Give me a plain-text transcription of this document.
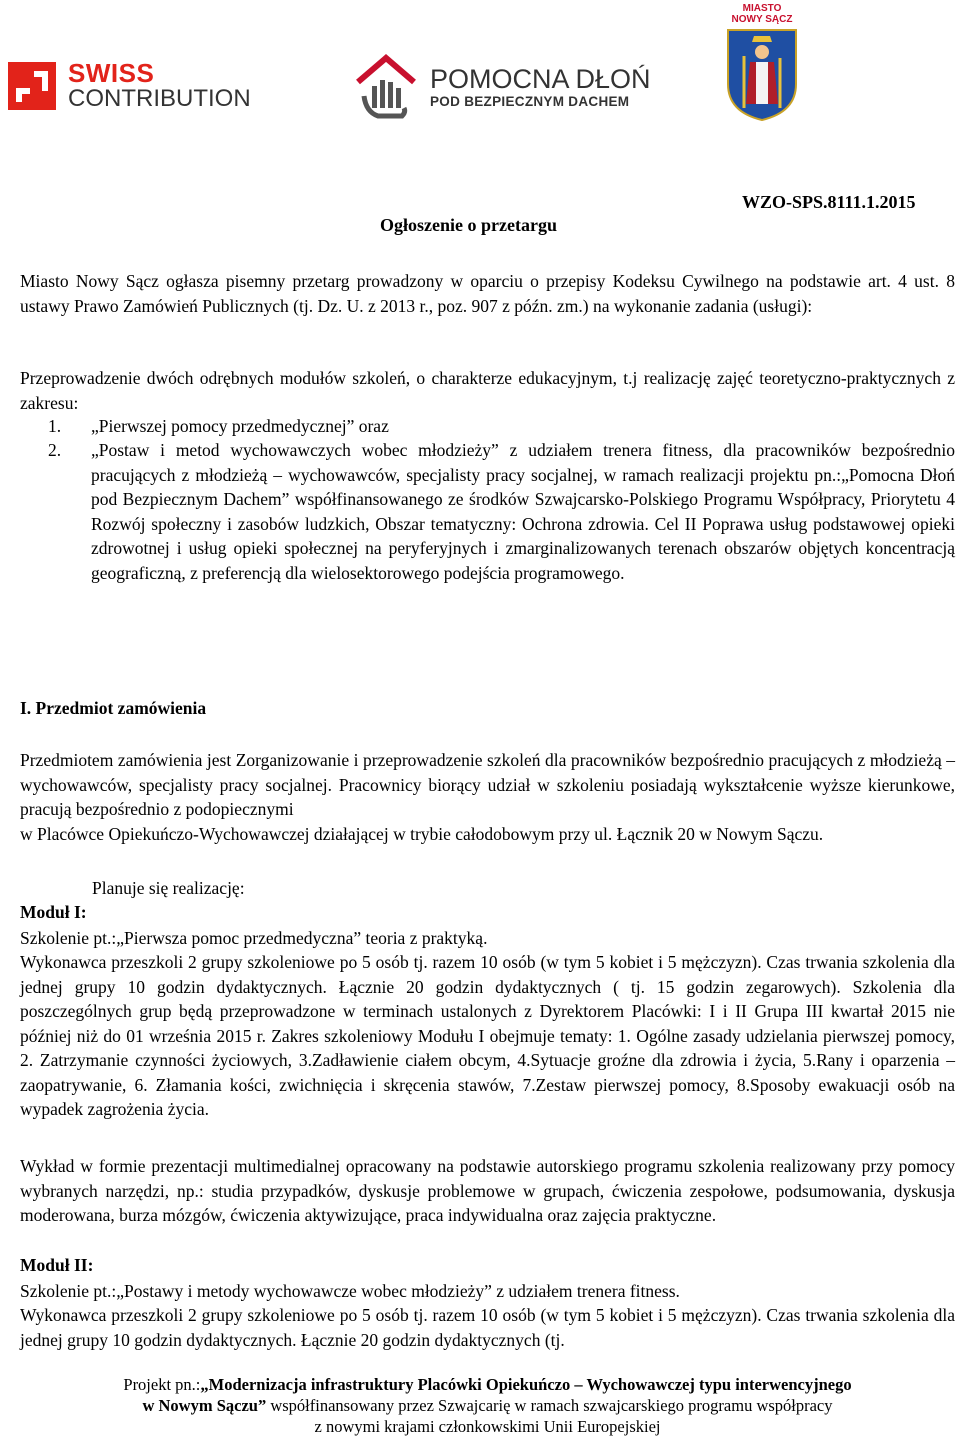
SWISS
CONTRIBUTION
POMOCNA DŁOŃ
POD BEZPIECZNYM DACHEM
MIASTO
NOWY SĄCZ
WZO-SPS.8111.1.2015
Ogłoszenie o przetargu
Miasto Nowy Sącz ogłasza pisemny przetarg prowadzony w oparciu o przepisy Kodeksu Cywilnego na podstawie art. 4 ust. 8 ustawy Prawo Zamówień Publicznych (tj. Dz. U. z 2013 r., poz. 907 z późn. zm.) na wykonanie zadania (usługi):
Przeprowadzenie dwóch odrębnych modułów szkoleń, o charakterze edukacyjnym, t.j realizację zajęć teoretyczno-praktycznych z zakresu:
1. „Pierwszej pomocy przedmedycznej” oraz
2. „Postaw i metod wychowawczych wobec młodzieży” z udziałem trenera fitness, dla pracowników bezpośrednio pracujących z młodzieżą – wychowawców, specjalisty pracy socjalnej, w ramach realizacji projektu pn.:„Pomocna Dłoń pod Bezpiecznym Dachem” współfinansowanego ze środków Szwajcarsko-Polskiego Programu Współpracy, Priorytetu 4 Rozwój społeczny i zasobów ludzkich, Obszar tematyczny: Ochrona zdrowia. Cel II Poprawa usług podstawowej opieki zdrowotnej i usług opieki społecznej na peryferyjnych i zmarginalizowanych terenach obszarów objętych koncentracją geograficzną, z preferencją dla wielosektorowego podejścia programowego.
I. Przedmiot zamówienia
Przedmiotem zamówienia jest Zorganizowanie i przeprowadzenie szkoleń dla pracowników bezpośrednio pracujących z młodzieżą – wychowawców, specjalisty pracy socjalnej. Pracownicy biorący udział w szkoleniu posiadają wykształcenie wyższe kierunkowe, pracują bezpośrednio z podopiecznymi
w Placówce Opiekuńczo-Wychowawczej działającej w trybie całodobowym przy ul. Łącznik 20 w Nowym Sączu.
Planuje się realizację:
Moduł I:
Szkolenie pt.:„Pierwsza pomoc przedmedyczna” teoria z praktyką.
Wykonawca przeszkoli 2 grupy szkoleniowe po 5 osób tj. razem 10 osób (w tym 5 kobiet i 5 mężczyzn). Czas trwania szkolenia dla jednej grupy 10 godzin dydaktycznych. Łącznie 20 godzin dydaktycznych ( tj. 15 godzin zegarowych). Szkolenia dla poszczególnych grup będą przeprowadzone w terminach ustalonych z Dyrektorem Placówki: I i II Grupa III kwartał 2015 nie później niż do 01 września 2015 r. Zakres szkoleniowy Modułu I obejmuje tematy: 1. Ogólne zasady udzielania pierwszej pomocy, 2. Zatrzymanie czynności życiowych, 3.Zadławienie ciałem obcym, 4.Sytuacje groźne dla zdrowia i życia, 5.Rany i oparzenia – zaopatrywanie, 6. Złamania kości, zwichnięcia i skręcenia stawów, 7.Zestaw pierwszej pomocy, 8.Sposoby ewakuacji osób na wypadek zagrożenia życia.
Wykład w formie prezentacji multimedialnej opracowany na podstawie autorskiego programu szkolenia realizowany przy pomocy wybranych narzędzi, np.: studia przypadków, dyskusje problemowe w grupach, ćwiczenia zespołowe, podsumowania, dyskusja moderowana, burza mózgów, ćwiczenia aktywizujące, praca indywidualna oraz zajęcia praktyczne.
Moduł II:
Szkolenie pt.:„Postawy i metody wychowawcze wobec młodzieży” z udziałem trenera fitness.
Wykonawca przeszkoli 2 grupy szkoleniowe po 5 osób tj. razem 10 osób (w tym 5 kobiet i 5 mężczyzn). Czas trwania szkolenia dla jednej grupy 10 godzin dydaktycznych. Łącznie 20 godzin dydaktycznych (tj.
Projekt pn.:„Modernizacja infrastruktury Placówki Opiekuńczo – Wychowawczej typu interwencyjnego
w Nowym Sączu” współfinansowany przez Szwajcarię w ramach szwajcarskiego programu współpracy
z nowymi krajami członkowskimi Unii Europejskiej
